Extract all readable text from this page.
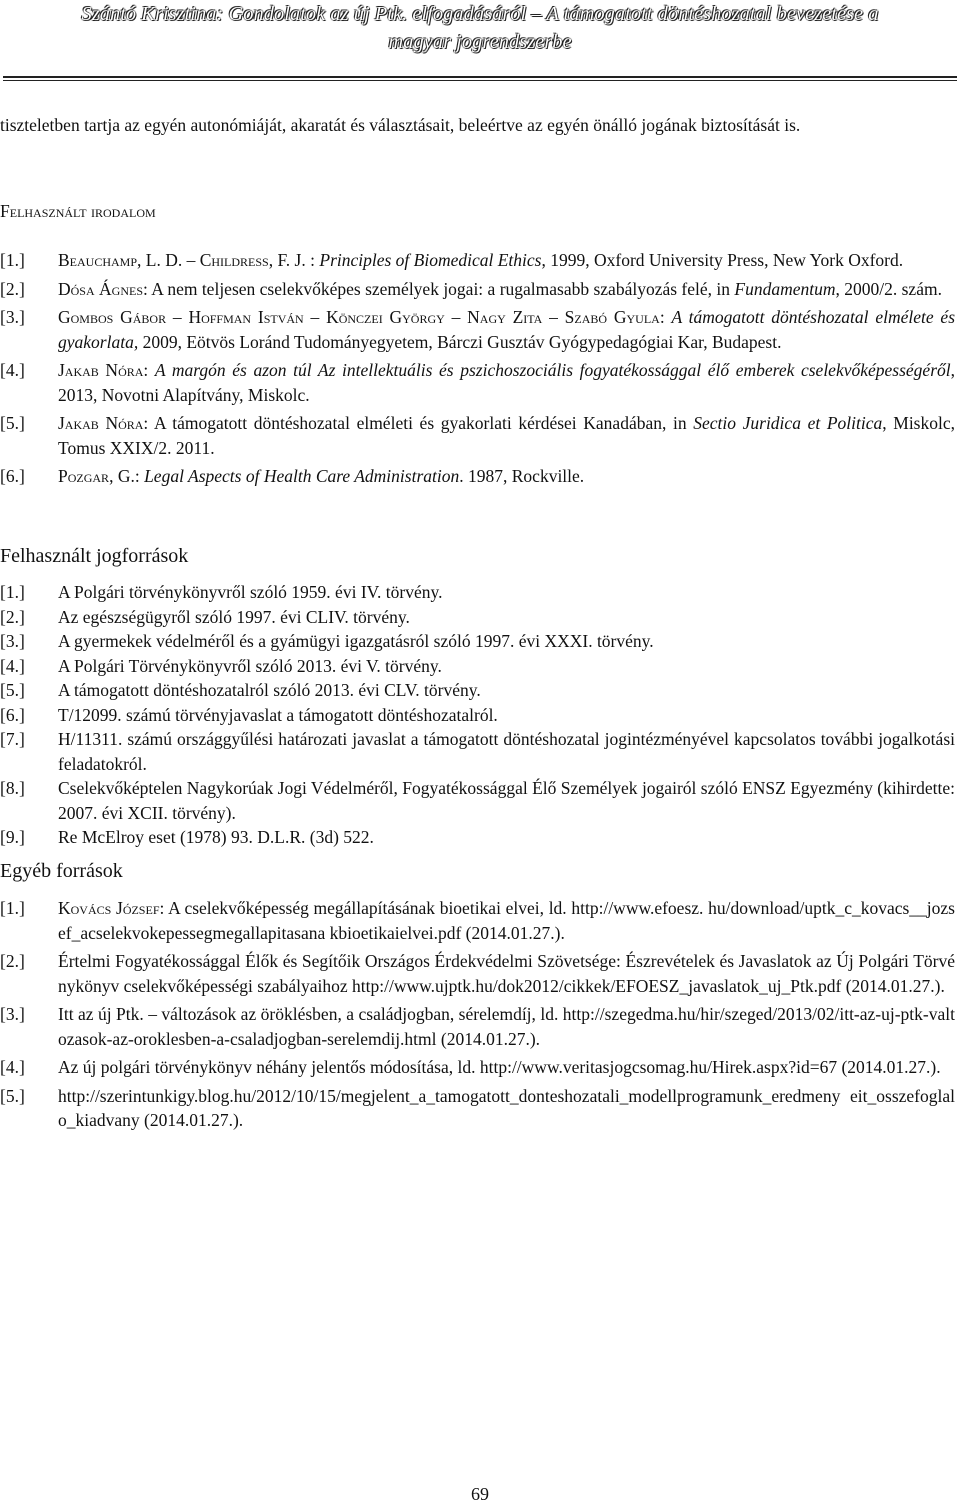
Szántó Krisztina: Gondolatok az új Ptk. elfogadásáról – A támogatott döntéshozatal bevezetése a
magyar jogrendszerbe

tiszteletben tartja az egyén autonómiáját, akaratát és választásait, beleértve az egyén önálló jogának biztosítását is.

Felhasznált irodalom
[1.]	Beauchamp, L. D. – Childress, F. J. : Principles of Biomedical Ethics, 1999, Oxford University Press, New York Oxford.
[2.]	Dósa Ágnes: A nem teljesen cselekvőképes személyek jogai: a rugalmasabb szabályozás felé, in Fundamentum, 2000/2. szám.
[3.]	Gombos Gábor – Hoffman István – Könczei György – Nagy Zita – Szabó Gyula: A támogatott döntéshozatal elmélete és gyakorlata, 2009, Eötvös Loránd Tudományegyetem, Bárczi Gusztáv Gyógypedagógiai Kar, Budapest.
[4.]	Jakab Nóra: A margón és azon túl Az intellektuális és pszichoszociális fogyatékossággal élő emberek cselekvőképességéről, 2013, Novotni Alapítvány, Miskolc.
[5.]	Jakab Nóra: A támogatott döntéshozatal elméleti és gyakorlati kérdései Kanadában, in Sectio Juridica et Politica, Miskolc, Tomus XXIX/2. 2011.
[6.]	Pozgar, G.: Legal Aspects of Health Care Administration. 1987, Rockville.
Felhasznált jogforrások
[1.]	A Polgári törvénykönyvről szóló 1959. évi IV. törvény.
[2.]	Az egészségügyről szóló 1997. évi CLIV. törvény.
[3.]	A gyermekek védelméről és a gyámügyi igazgatásról szóló 1997. évi XXXI. törvény.
[4.]	A Polgári Törvénykönyvről szóló 2013. évi V. törvény.
[5.]	A támogatott döntéshozatalról szóló 2013. évi CLV. törvény.
[6.]	T/12099. számú törvényjavaslat a támogatott döntéshozatalról.
[7.]	H/11311. számú országgyűlési határozati javaslat a támogatott döntéshozatal jogintézményével kapcsolatos további jogalkotási feladatokról.
[8.]	Cselekvőképtelen Nagykorúak Jogi Védelméről, Fogyatékossággal Élő Személyek jogairól szóló ENSZ Egyezmény (kihirdette: 2007. évi XCII. törvény).
[9.]	Re McElroy eset (1978) 93. D.L.R. (3d) 522.
Egyéb források
[1.]	Kovács József: A cselekvőképesség megállapításának bioetikai elvei, ld. http://www.efoesz. hu/download/uptk_c_kovacs__jozsef_acselekvokepessegmegallapitasana kbioetikaielvei.pdf (2014.01.27.).
[2.]	Értelmi Fogyatékossággal Élők és Segítőik Országos Érdekvédelmi Szövetsége: Észrevételek és Javaslatok az Új Polgári Törvénykönyv cselekvőképességi szabályaihoz http://www.ujptk.hu/dok2012/cikkek/EFOESZ_javaslatok_uj_Ptk.pdf (2014.01.27.).
[3.]	Itt az új Ptk. – változások az öröklésben, a családjogban, sérelemdíj, ld. http://szegedma.hu/hir/szeged/2013/02/itt-az-uj-ptk-valtozasok-az-oroklesben-a-csaladjogban-serelemdij.html (2014.01.27.).
[4.]	Az új polgári törvénykönyv néhány jelentős módosítása, ld. http://www.veritasjogcsomag.hu/Hirek.aspx?id=67 (2014.01.27.).
[5.]	http://szerintunkigy.blog.hu/2012/10/15/megjelent_a_tamogatott_donteshozatali_modellprogramunk_eredmeny eit_osszefoglalo_kiadvany (2014.01.27.).
69
